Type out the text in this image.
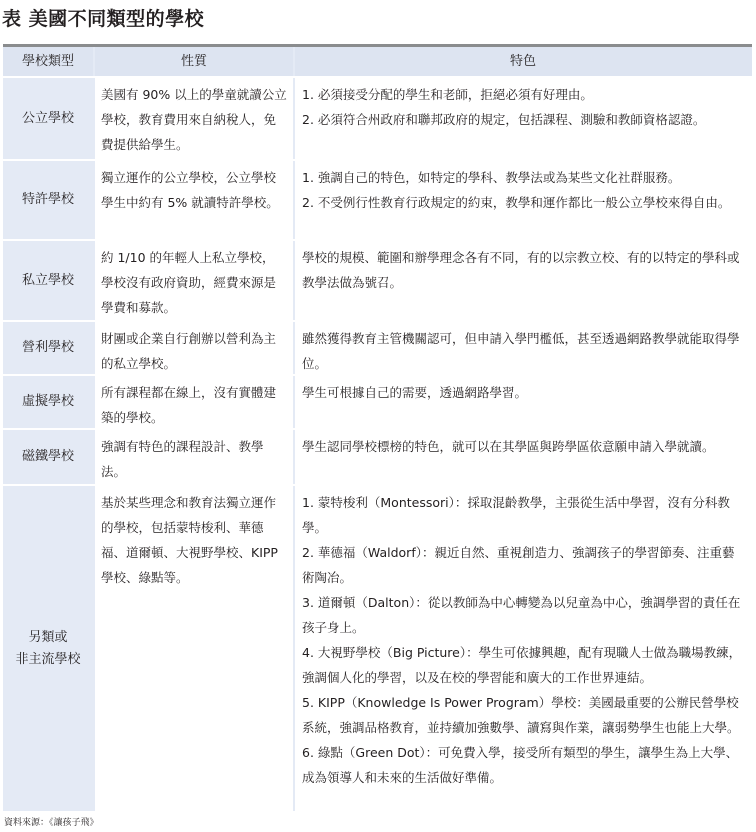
表 美國不同類型的學校
學校類型	性質	特色
公立學校
美國有 90% 以上的學童就讀公立學校，教育費用來自納稅人，免費提供給學生。
1. 必須接受分配的學生和老師，拒絕必須有好理由。
2. 必須符合州政府和聯邦政府的規定，包括課程、測驗和教師資格認證。
特許學校
獨立運作的公立學校，公立學校學生中約有 5% 就讀特許學校。
1. 強調自己的特色，如特定的學科、教學法或為某些文化社群服務。
2. 不受例行性教育行政規定的約束，教學和運作都比一般公立學校來得自由。
私立學校
約 1/10 的年輕人上私立學校，學校沒有政府資助，經費來源是學費和募款。
學校的規模、範圍和辦學理念各有不同，有的以宗教立校、有的以特定的學科或教學法做為號召。
營利學校
財團或企業自行創辦以營利為主的私立學校。
雖然獲得教育主管機關認可，但申請入學門檻低，甚至透過網路教學就能取得學位。
虛擬學校
所有課程都在線上，沒有實體建築的學校。
學生可根據自己的需要，透過網路學習。
磁鐵學校
強調有特色的課程設計、教學法。
學生認同學校標榜的特色，就可以在其學區與跨學區依意願申請入學就讀。
另類或
非主流學校
基於某些理念和教育法獨立運作的學校，包括蒙特梭利、華德福、道爾頓、大視野學校、KIPP 學校、綠點等。
1. 蒙特梭利（Montessori）：採取混齡教學，主張從生活中學習，沒有分科教學。
2. 華德福（Waldorf）：親近自然、重視創造力、強調孩子的學習節奏、注重藝術陶冶。
3. 道爾頓（Dalton）：從以教師為中心轉變為以兒童為中心，強調學習的責任在孩子身上。
4. 大視野學校（Big Picture）：學生可依據興趣，配有現職人士做為職場教練，強調個人化的學習，以及在校的學習能和廣大的工作世界連結。
5. KIPP（Knowledge Is Power Program）學校：美國最重要的公辦民營學校系統，強調品格教育，並持續加強數學、讀寫與作業，讓弱勢學生也能上大學。
6. 綠點（Green Dot）：可免費入學，接受所有類型的學生，讓學生為上大學、成為領導人和未來的生活做好準備。
資料來源：《讓孩子飛》
